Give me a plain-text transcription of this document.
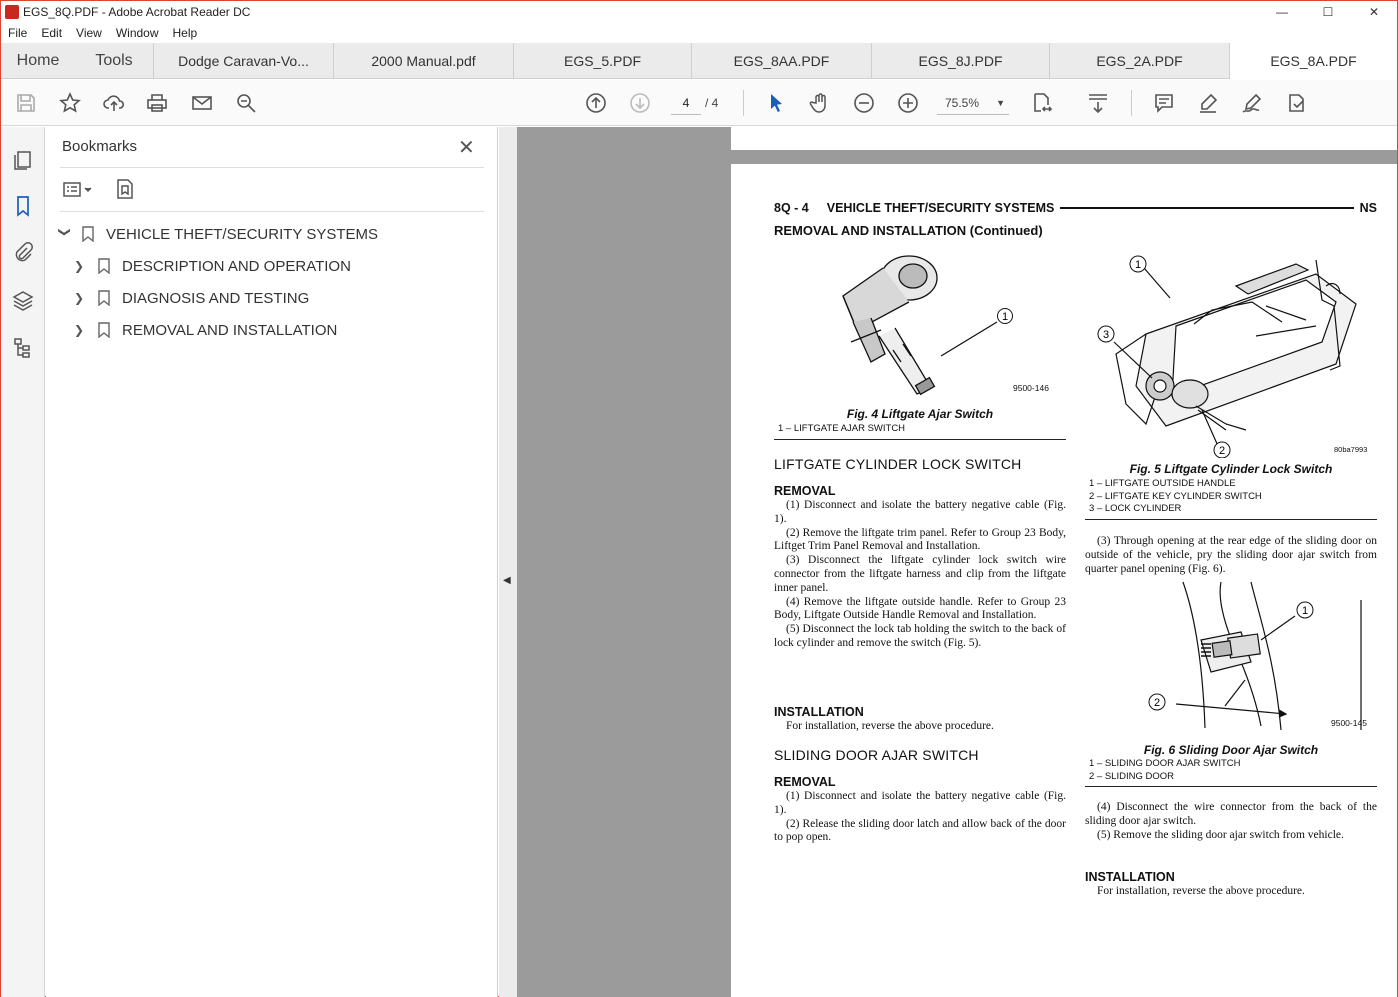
EGS_8Q.PDF - Adobe Acrobat Reader DC	—	☐	✕
File	Edit	View	Window	Help
Home	Tools	Dodge Caravan-Vo...	2000 Manual.pdf	EGS_5.PDF	EGS_8AA.PDF	EGS_8J.PDF	EGS_2A.PDF	EGS_8A.PDF
4	/ 4	75.5% ▼
Bookmarks	✕
❯ VEHICLE THEFT/SECURITY SYSTEMS
❯	DESCRIPTION AND OPERATION
❯	DIAGNOSIS AND TESTING
❯	REMOVAL AND INSTALLATION
◀
8Q - 4 VEHICLE THEFT/SECURITY SYSTEMS	NS
REMOVAL AND INSTALLATION (Continued)
1
9500-146
Fig. 4 Liftgate Ajar Switch
1 – LIFTGATE AJAR SWITCH
LIFTGATE CYLINDER LOCK SWITCH
REMOVAL

(1) Disconnect and isolate the battery negative cable (Fig. 1).

(2) Remove the liftgate trim panel. Refer to Group 23 Body, Liftget Trim Panel Removal and Installation.

(3) Disconnect the liftgate cylinder lock switch wire connector from the liftgate harness and clip from the liftgate inner panel.

(4) Remove the liftgate outside handle. Refer to Group 23 Body, Liftgate Outside Handle Removal and Installation.

(5) Disconnect the lock tab holding the switch to the back of lock cylinder and remove the switch (Fig. 5).

INSTALLATION

For installation, reverse the above procedure.

SLIDING DOOR AJAR SWITCH
REMOVAL

(1) Disconnect and isolate the battery negative cable (Fig. 1).

(2) Release the sliding door latch and allow back of the door to pop open.

1
2
3
80ba7993
Fig. 5 Liftgate Cylinder Lock Switch
1 – LIFTGATE OUTSIDE HANDLE
2 – LIFTGATE KEY CYLINDER SWITCH
3 – LOCK CYLINDER

(3) Through opening at the rear edge of the sliding door on outside of the vehicle, pry the sliding door ajar switch from quarter panel opening (Fig. 6).

1
2
9500-145
Fig. 6 Sliding Door Ajar Switch
1 – SLIDING DOOR AJAR SWITCH
2 – SLIDING DOOR

(4) Disconnect the wire connector from the back of the sliding door ajar switch.

(5) Remove the sliding door ajar switch from vehicle.

INSTALLATION

For installation, reverse the above procedure.
